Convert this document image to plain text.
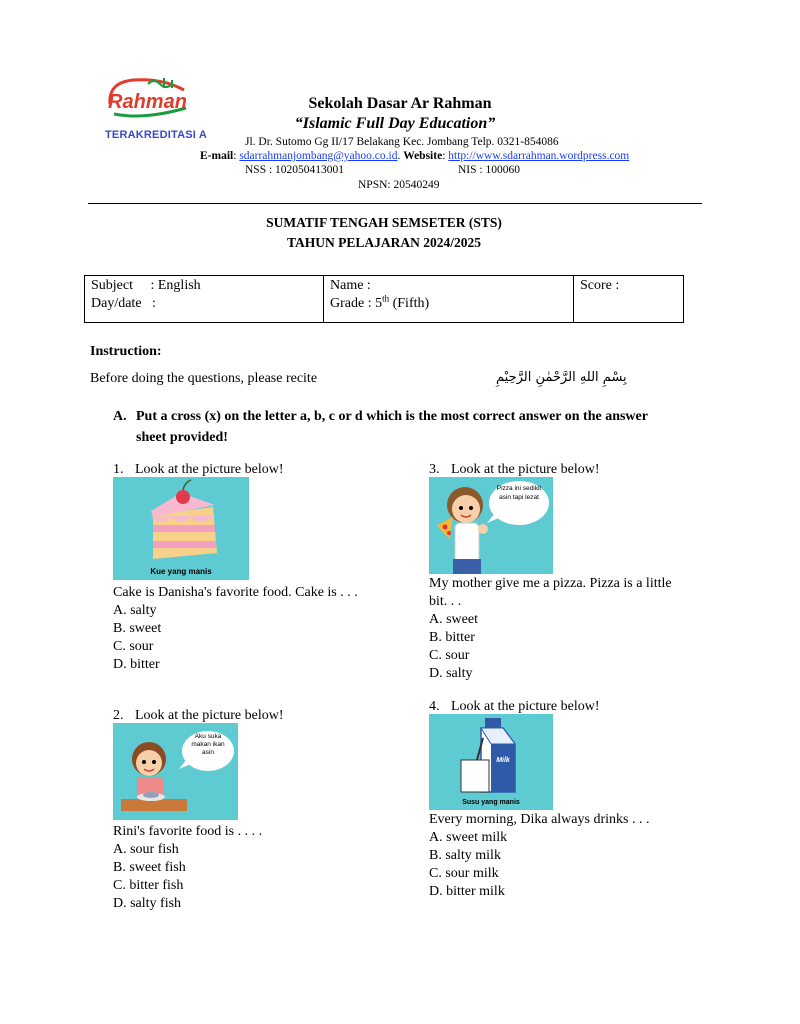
Rahman
TERAKREDITASI A
Sekolah Dasar Ar Rahman
“Islamic Full Day Education”
Jl. Dr. Sutomo Gg II/17 Belakang Kec. Jombang Telp. 0321-854086
E-mail: sdarrahmanjombang@yahoo.co.id. Website: http://www.sdarrahman.wordpress.com
NSS : 102050413001	NIS : 100060
NPSN: 20540249
SUMATIF TENGAH SEMSETER (STS)
TAHUN PELAJARAN 2024/2025
Subject     : English
Day/date   :
Name :
Grade : 5th (Fifth)
Score :
Instruction:
Before doing the questions, please recite	بِسْمِ اللهِ الرَّحْمٰنِ الرَّحِيْمِ
A. Put a cross (x) on the letter a, b, c or d which is the most correct answer on the answer sheet provided!
1. Look at the picture below!
Kue yang manis
Cake is Danisha's favorite food. Cake is . . .
A. salty
B. sweet
C. sour
D. bitter
2. Look at the picture below!
Aku suka makan ikan asin
Rini's favorite food is . . . .
A. sour fish
B. sweet fish
C. bitter fish
D. salty fish
3. Look at the picture below!
Pizza ini sedikit asin tapi lezat
My mother give me a pizza. Pizza is a little bit. . .
A. sweet
B. bitter
C. sour
D. salty
4. Look at the picture below!
Milk
Susu yang manis
Every morning, Dika always drinks . . .
A. sweet milk
B. salty milk
C. sour milk
D. bitter milk
